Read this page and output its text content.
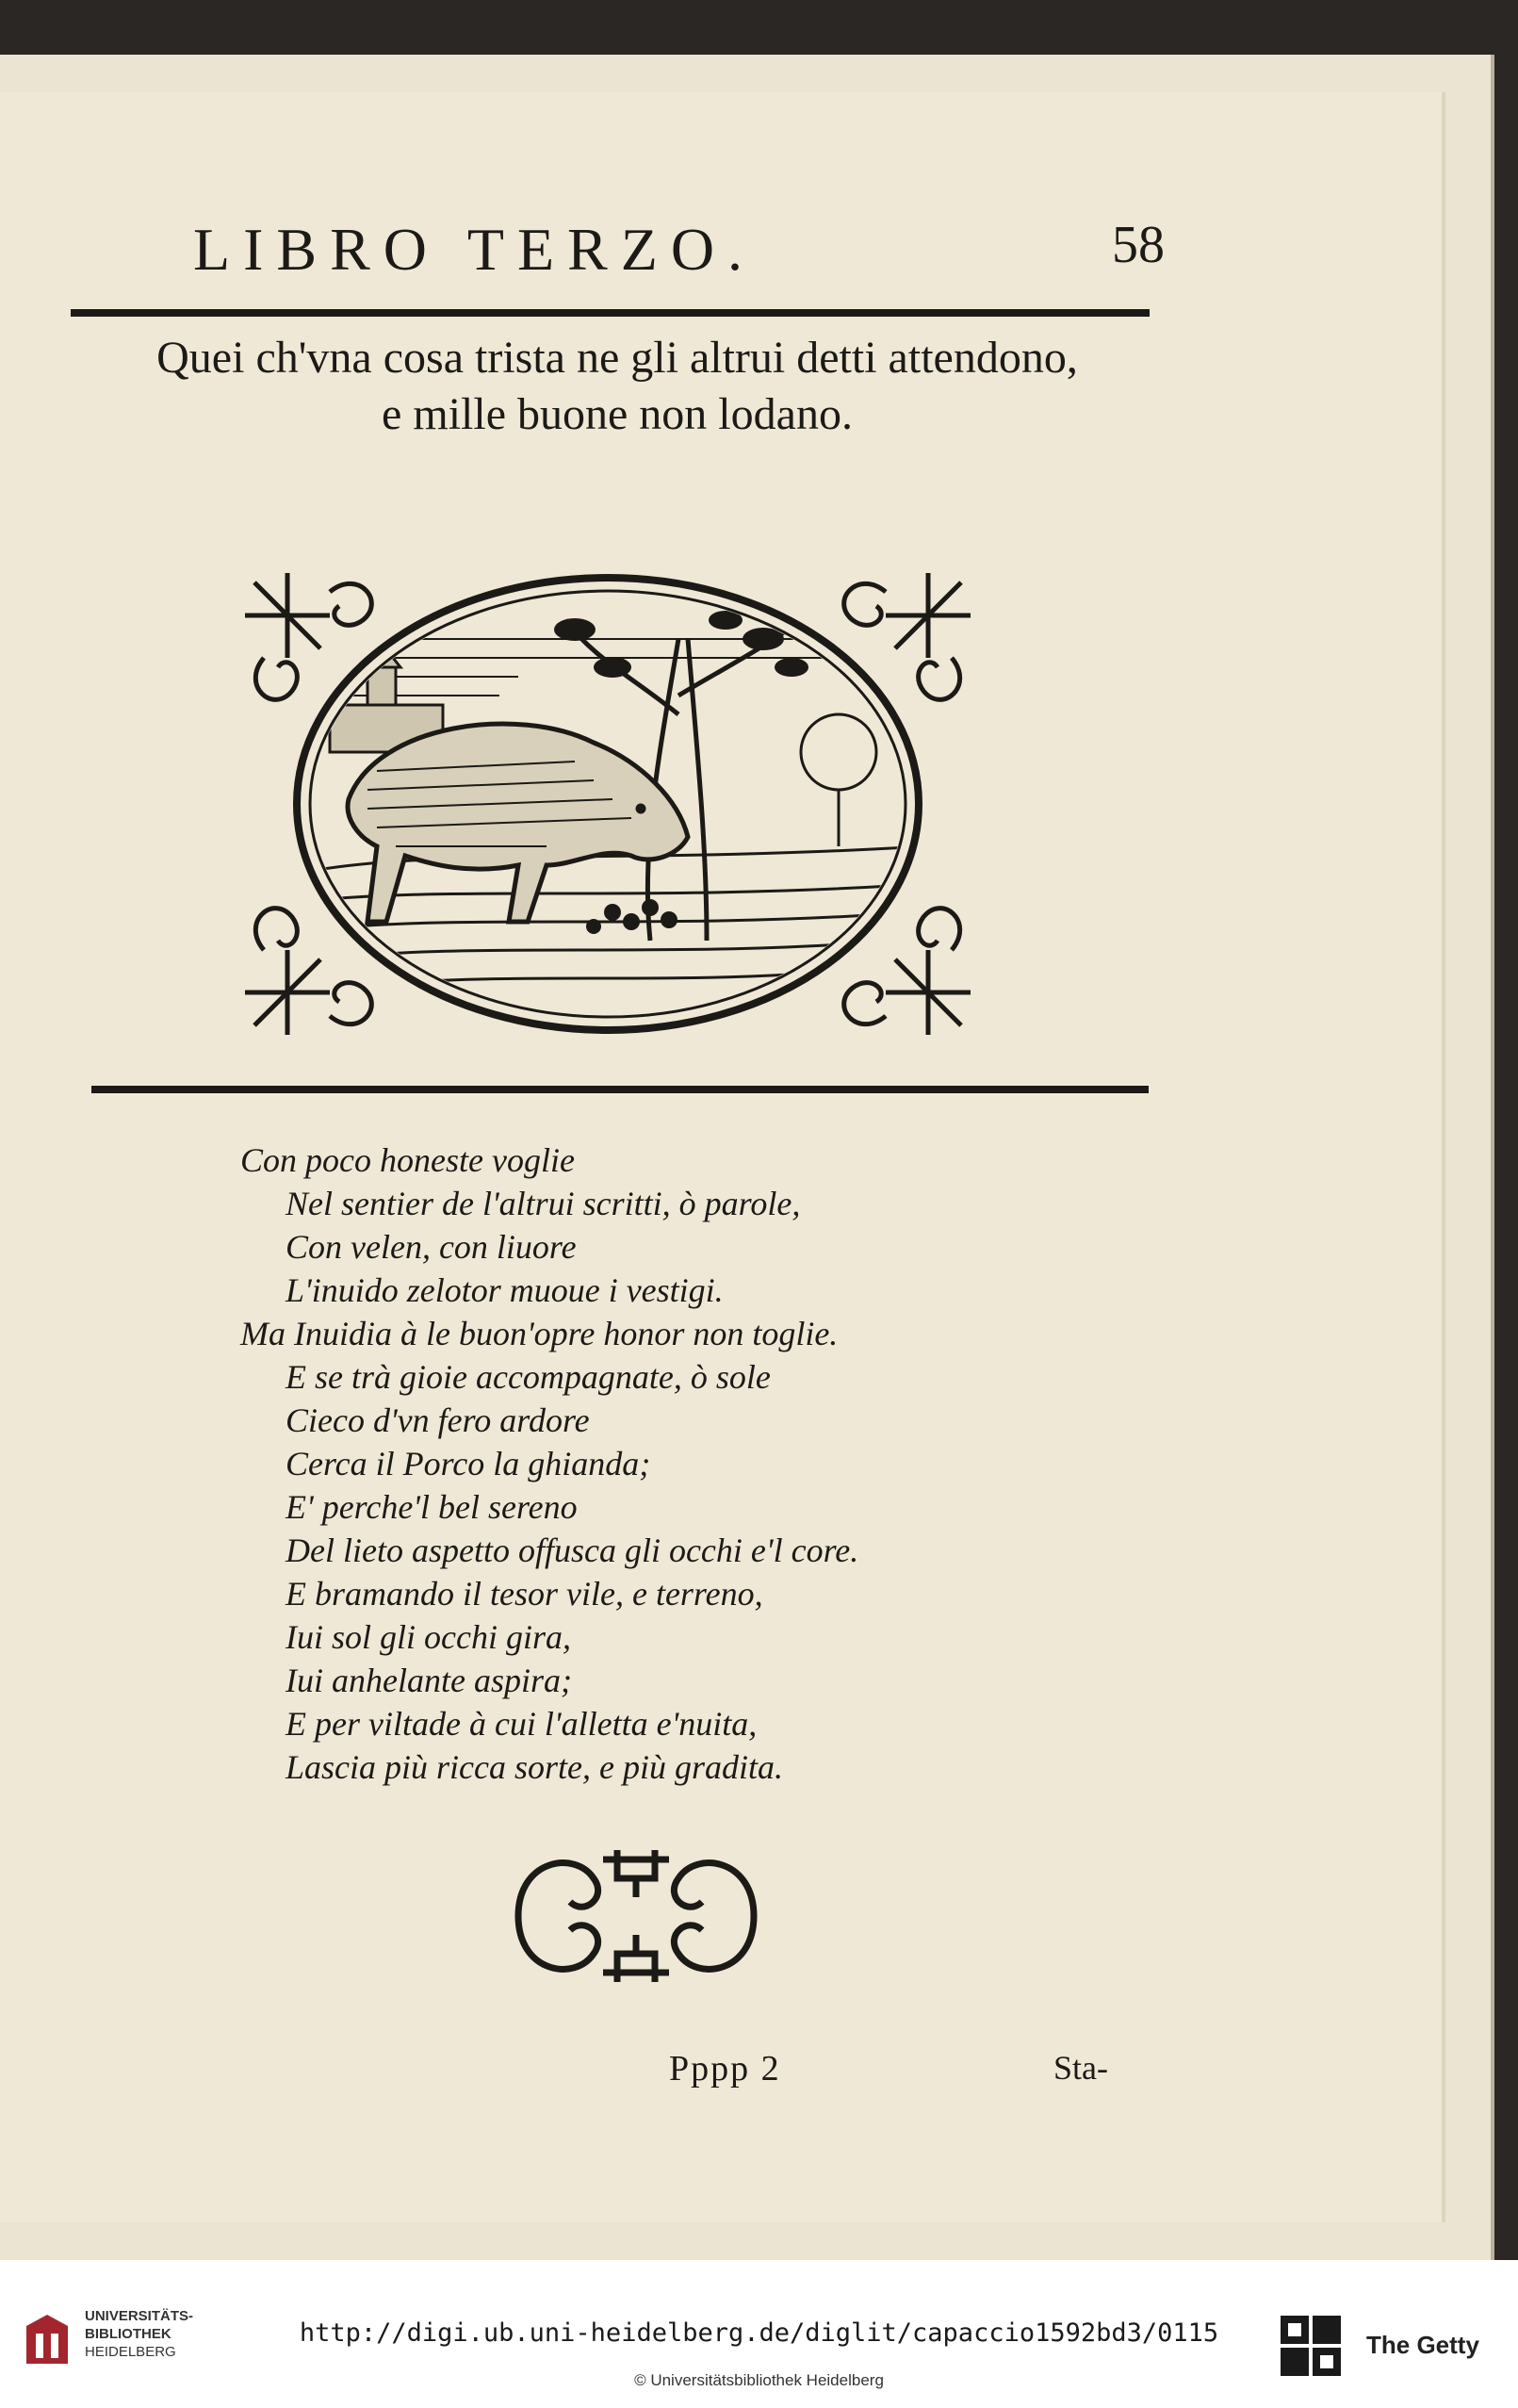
LIBRO TERZO.	58
Quei ch'vna cosa trista ne gli altrui detti attendono,
e mille buone non lodano.
Con poco honeste voglie
Nel sentier de l'altrui scritti, ò parole,
Con velen, con liuore
L'inuido zelotor muoue i vestigi.
Ma Inuidia à le buon'opre honor non toglie.
E se trà gioie accompagnate, ò sole
Cieco d'vn fero ardore
Cerca il Porco la ghianda;
E' perche'l bel sereno
Del lieto aspetto offusca gli occhi e'l core.
E bramando il tesor vile, e terreno,
Iui sol gli occhi gira,
Iui anhelante aspira;
E per viltade à cui l'alletta e'nuita,
Lascia più ricca sorte, e più gradita.
Pppp 2	Sta-
UNIVERSITÄTS-
BIBLIOTHEK
HEIDELBERG
http://digi.ub.uni-heidelberg.de/diglit/capaccio1592bd3/0115
© Universitätsbibliothek Heidelberg
The Getty
